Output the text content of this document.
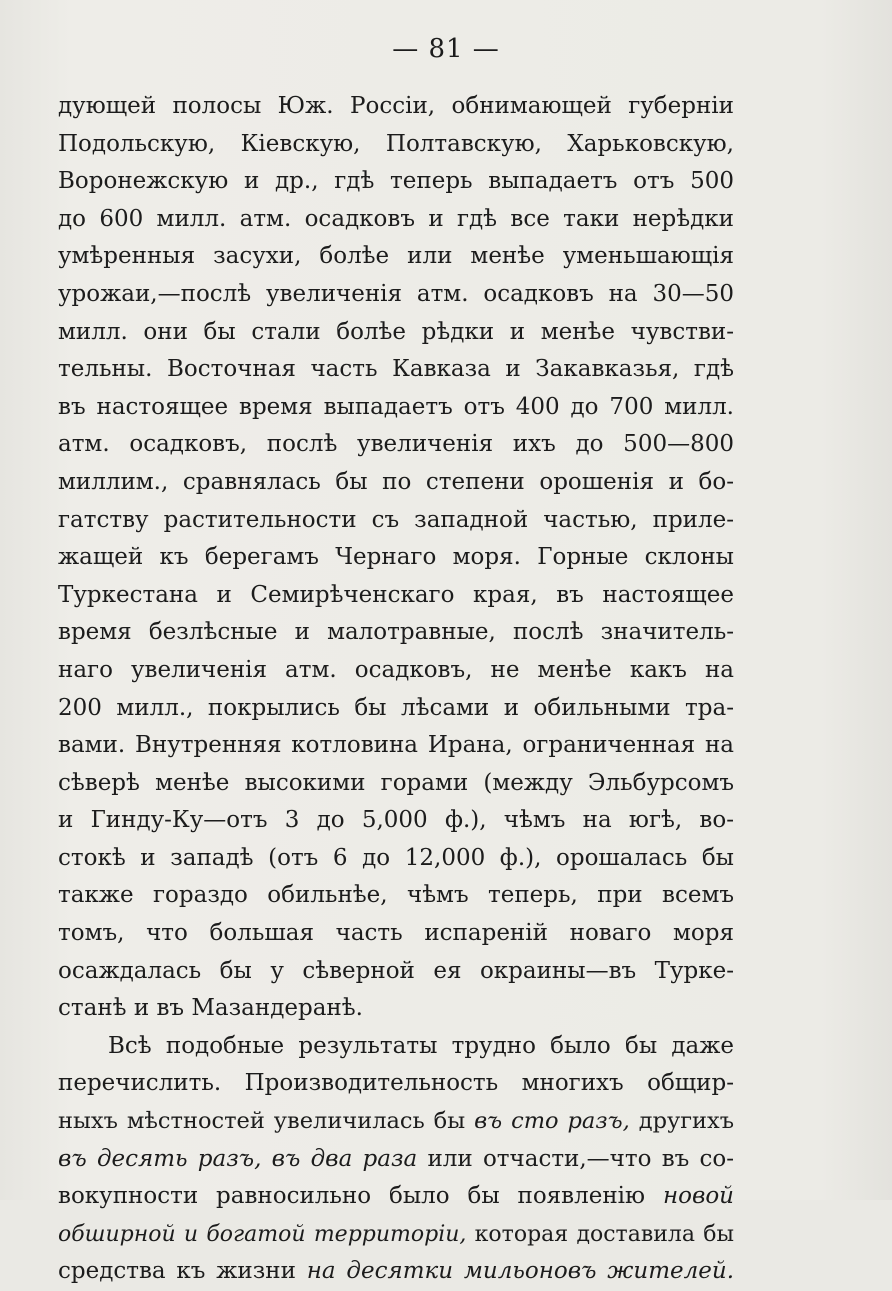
— 81 —
дующей полосы Юж. Россіи, обнимающей губерніи
Подольскую, Кіевскую, Полтавскую, Харьковскую,
Воронежскую и др., гдѣ теперь выпадаетъ отъ 500
до 600 милл. атм. осадковъ и гдѣ все таки нерѣдки
умѣренныя засухи, болѣе или менѣе уменьшающія
урожаи,—послѣ увеличенія атм. осадковъ на 30—50
милл. они бы стали болѣе рѣдки и менѣе чувстви-
тельны. Восточная часть Кавказа и Закавказья, гдѣ
въ настоящее время выпадаетъ отъ 400 до 700 милл.
атм. осадковъ, послѣ увеличенія ихъ до 500—800
миллим., сравнялась бы по степени орошенія и бо-
гатству растительности съ западной частью, приле-
жащей къ берегамъ Чернаго моря. Горные склоны
Туркестана и Семирѣченскаго края, въ настоящее
время безлѣсные и малотравные, послѣ значитель-
наго увеличенія атм. осадковъ, не менѣе какъ на
200 милл., покрылись бы лѣсами и обильными тра-
вами. Внутренняя котловина Ирана, ограниченная на
сѣверѣ менѣе высокими горами (между Эльбурсомъ
и Гинду-Ку—отъ 3 до 5,000 ф.), чѣмъ на югѣ, во-
стокѣ и западѣ (отъ 6 до 12,000 ф.), орошалась бы
также гораздо обильнѣе, чѣмъ теперь, при всемъ
томъ, что большая часть испареній новаго моря
осаждалась бы у сѣверной ея окраины—въ Турке-
станѣ и въ Мазандеранѣ.
Всѣ подобные результаты трудно было бы даже
перечислить. Производительность многихъ общир-
ныхъ мѣстностей увеличилась бы въ сто разъ, другихъ
въ десять разъ, въ два раза или отчасти,—что въ со-
вокупности равносильно было бы появленію новой
обширной и богатой территоріи, которая доставила бы
средства къ жизни на десятки мильоновъ жителей.
